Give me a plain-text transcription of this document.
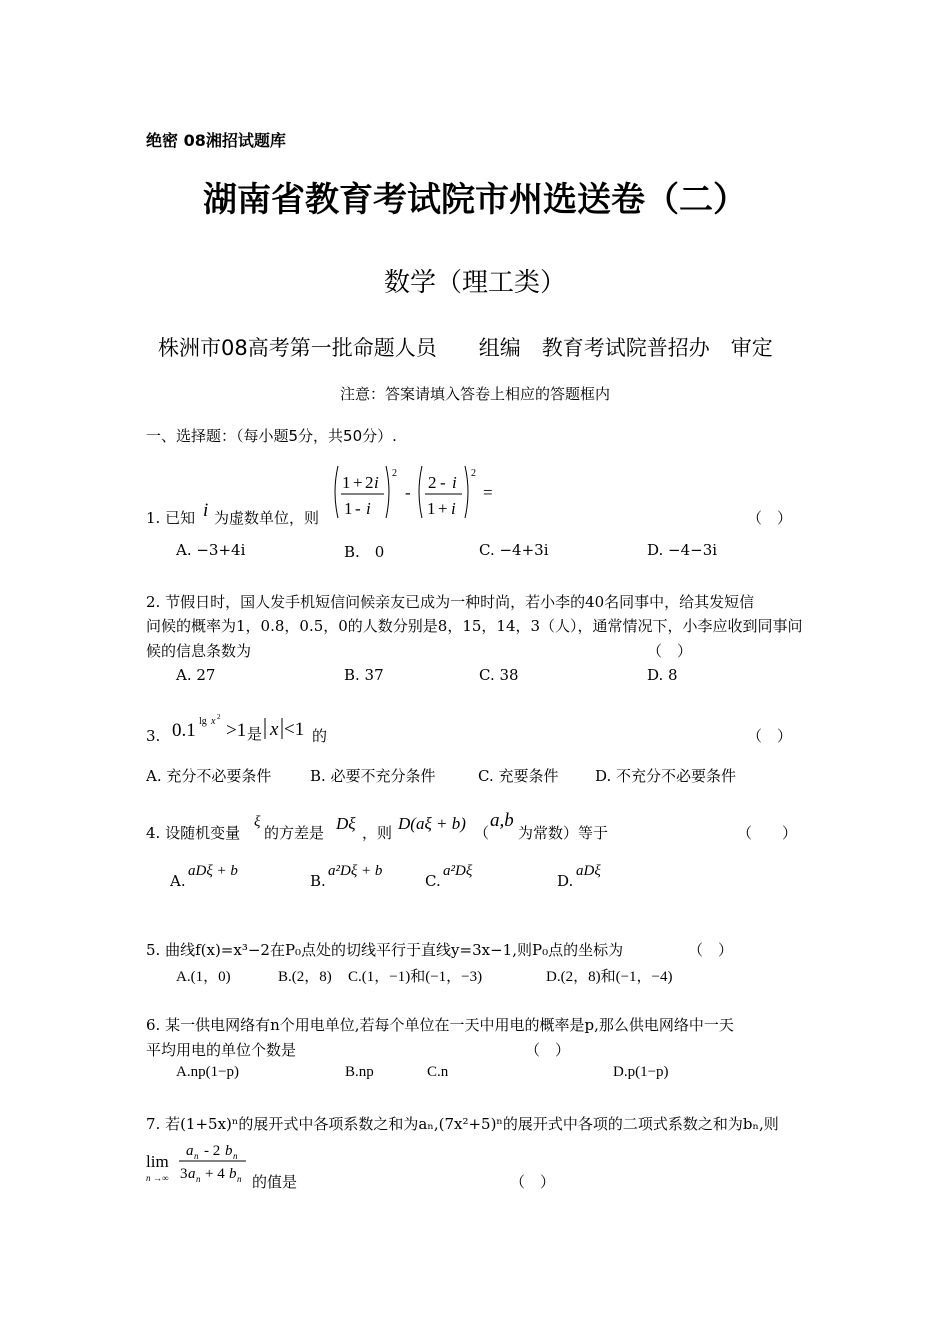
绝密 08湘招试题库
湖南省教育考试院市州选送卷（二）
数学（理工类）
株洲市08高考第一批命题人员　　组编　教育考试院普招办　审定
注意：答案请填入答卷上相应的答题框内
一、选择题：（每小题5分，共50分）.
1. 已知 i 为虚数单位，则
1 + 2 i
1 - i
2
-
2 - i
1 + i
2
=
（　）
A. −3+4i	B.　0	C. −4+3i	D. −4−3i
2. 节假日时，国人发手机短信问候亲友已成为一种时尚，若小李的40名同事中，给其发短信
问候的概率为1，0.8，0.5，0的人数分别是8，15，14，3（人），通常情况下，小李应收到同事问
候的信息条数为	（　）
A. 27	B. 37	C. 38	D. 8
3. 0.1 lg x 2
>1 是 x <1 的	（　）
A. 充分不必要条件	B. 必要不充分条件	C. 充要条件 D. 不充分不必要条件
4. 设随机变量
ξ
的方差是 Dξ ，则 D(aξ + b) （
a,b
为常数）等于	（　　）
A.
aDξ + b
B.
a²Dξ + b
C.
a²Dξ
D.
aDξ
5. 曲线f(x)=x³−2在P₀点处的切线平行于直线y=3x−1,则P₀点的坐标为	（　）
A.(1，0)	B.(2，8) C.(1，−1)和(−1，−3)	D.(2，8)和(−1，−4)
6. 某一供电网络有n个用电单位,若每个单位在一天中用电的概率是p,那么供电网络中一天
平均用电的单位个数是	（　）
A.np(1−p)	B.np	C.n	D.p(1−p)
7. 若(1+5x)ⁿ的展开式中各项系数之和为aₙ,(7x²+5)ⁿ的展开式中各项的二项式系数之和为bₙ,则
lim
n →∞
a n - 2 b n
3 a n + 4 b n 的值是	（　）
